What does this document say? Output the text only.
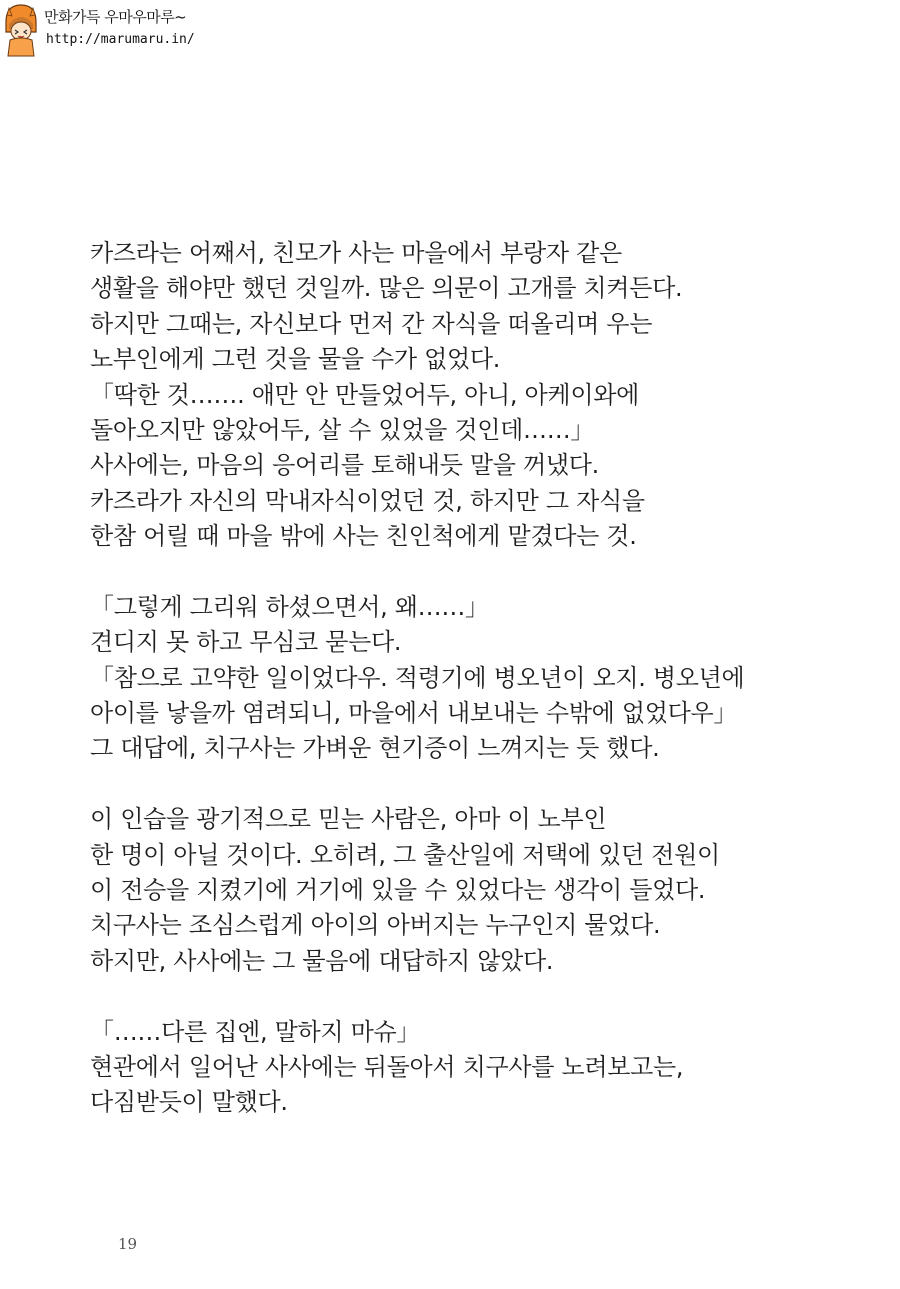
만화가득 우마우마루~
http://marumaru.in/
카즈라는 어째서, 친모가 사는 마을에서 부랑자 같은
생활을 해야만 했던 것일까. 많은 의문이 고개를 치켜든다.
하지만 그때는, 자신보다 먼저 간 자식을 떠올리며 우는
노부인에게 그런 것을 물을 수가 없었다.
「딱한 것……. 애만 안 만들었어두, 아니, 아케이와에
돌아오지만 않았어두, 살 수 있었을 것인데……」
사사에는, 마음의 응어리를 토해내듯 말을 꺼냈다.
카즈라가 자신의 막내자식이었던 것, 하지만 그 자식을
한참 어릴 때 마을 밖에 사는 친인척에게 맡겼다는 것.
「그렇게 그리워 하셨으면서, 왜……」
견디지 못 하고 무심코 묻는다.
「참으로 고약한 일이었다우. 적령기에 병오년이 오지. 병오년에
아이를 낳을까 염려되니, 마을에서 내보내는 수밖에 없었다우」
그 대답에, 치구사는 가벼운 현기증이 느껴지는 듯 했다.
이 인습을 광기적으로 믿는 사람은, 아마 이 노부인
한 명이 아닐 것이다. 오히려, 그 출산일에 저택에 있던 전원이
이 전승을 지켰기에 거기에 있을 수 있었다는 생각이 들었다.
치구사는 조심스럽게 아이의 아버지는 누구인지 물었다.
하지만, 사사에는 그 물음에 대답하지 않았다.
「……다른 집엔, 말하지 마슈」
현관에서 일어난 사사에는 뒤돌아서 치구사를 노려보고는,
다짐받듯이 말했다.
19
